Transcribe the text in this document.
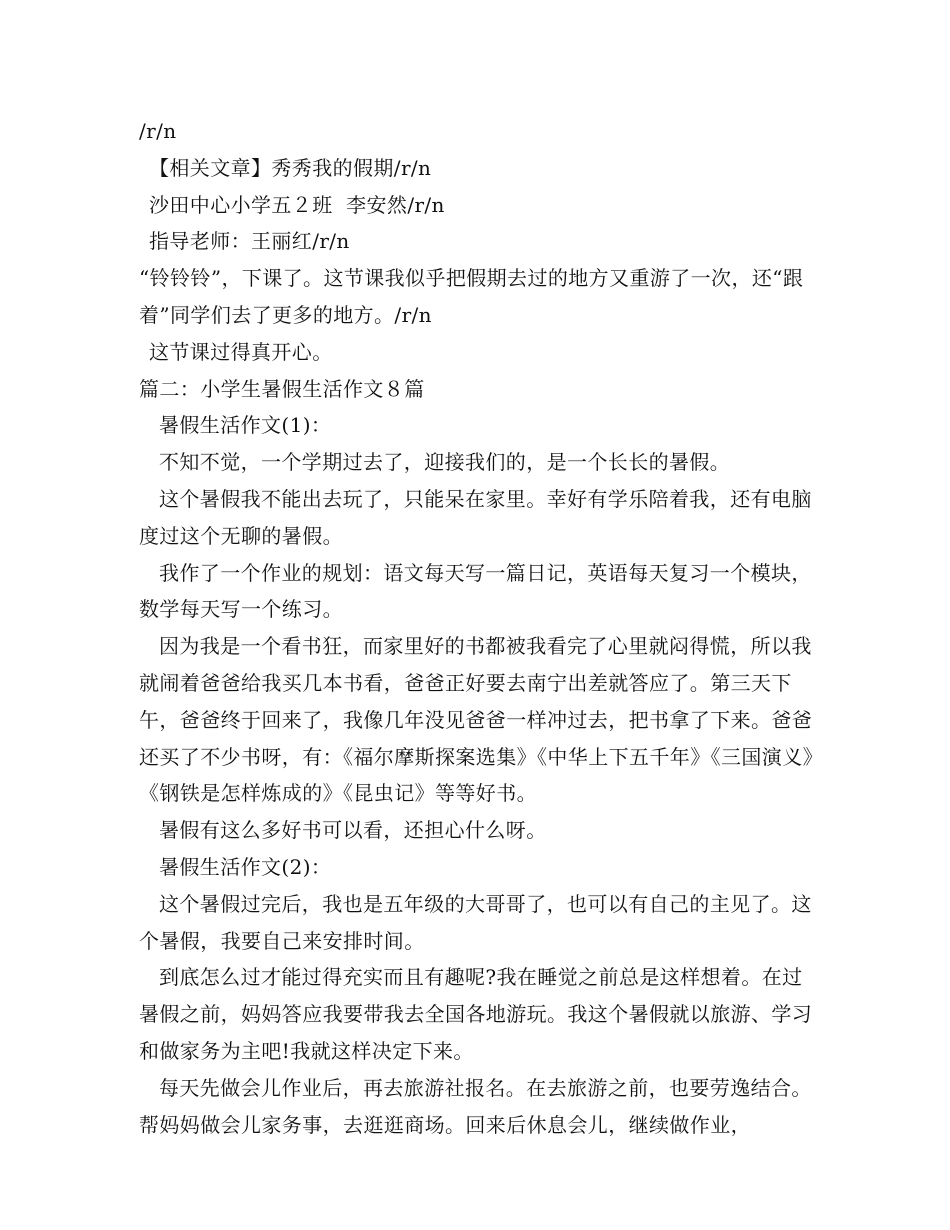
/r/n

【相关文章】秀秀我的假期/r/n

沙田中心小学五２班  李安然/r/n

指导老师：王丽红/r/n

“铃铃铃”，下课了。这节课我似乎把假期去过的地方又重游了一次，还“跟着”同学们去了更多的地方。/r/n

这节课过得真开心。

篇二：小学生暑假生活作文８篇

暑假生活作文(1)：

不知不觉，一个学期过去了，迎接我们的，是一个长长的暑假。

这个暑假我不能出去玩了，只能呆在家里。幸好有学乐陪着我，还有电脑度过这个无聊的暑假。

我作了一个作业的规划：语文每天写一篇日记，英语每天复习一个模块，数学每天写一个练习。

因为我是一个看书狂，而家里好的书都被我看完了心里就闷得慌，所以我就闹着爸爸给我买几本书看，爸爸正好要去南宁出差就答应了。第三天下午，爸爸终于回来了，我像几年没见爸爸一样冲过去，把书拿了下来。爸爸还买了不少书呀，有：《福尔摩斯探案选集》《中华上下五千年》《三国演义》《钢铁是怎样炼成的》《昆虫记》等等好书。

暑假有这么多好书可以看，还担心什么呀。

暑假生活作文(2)：

这个暑假过完后，我也是五年级的大哥哥了，也可以有自己的主见了。这个暑假，我要自己来安排时间。

到底怎么过才能过得充实而且有趣呢?我在睡觉之前总是这样想着。在过暑假之前，妈妈答应我要带我去全国各地游玩。我这个暑假就以旅游、学习和做家务为主吧!我就这样决定下来。

每天先做会儿作业后，再去旅游社报名。在去旅游之前，也要劳逸结合。帮妈妈做会儿家务事，去逛逛商场。回来后休息会儿，继续做作业，
